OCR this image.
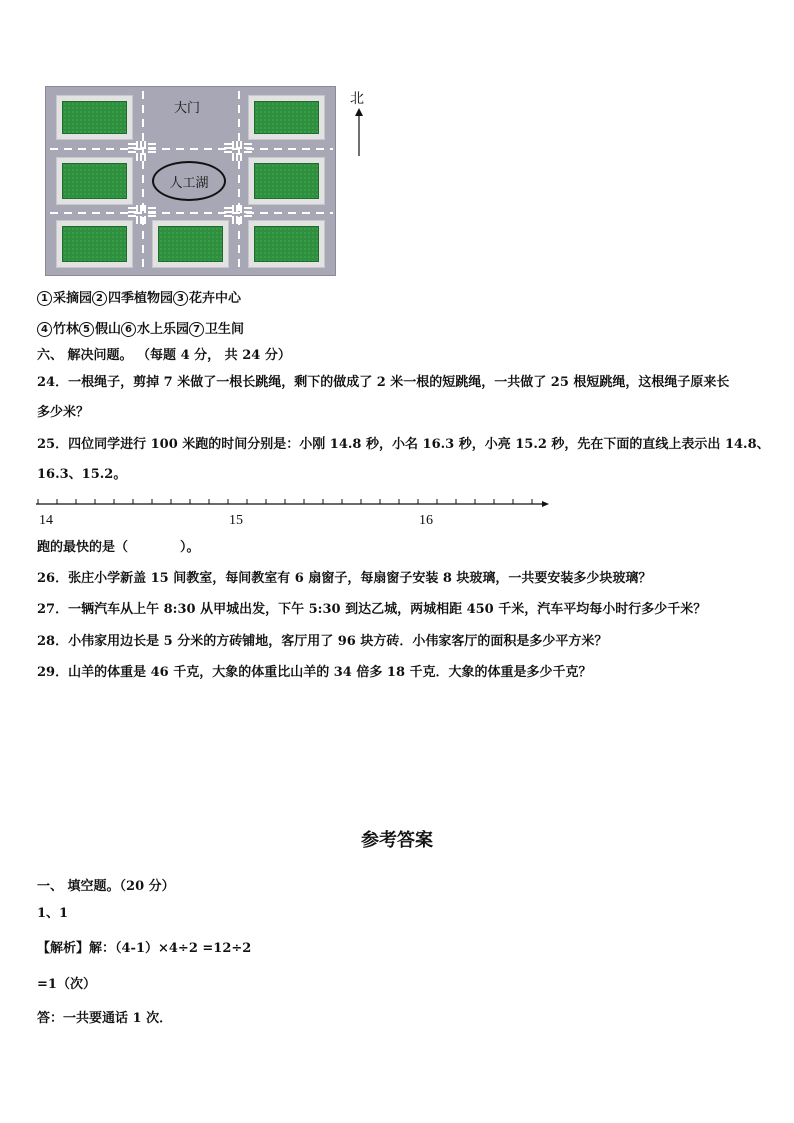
大门
人工湖
北
1 采摘园 2 四季植物园 3 花卉中心
4 竹林 5 假山 6 水上乐园 7 卫生间
六、 解决问题。 （每题 4 分， 共 24 分）
24．一根绳子，剪掉 7 米做了一根长跳绳，剩下的做成了 2 米一根的短跳绳，一共做了 25 根短跳绳，这根绳子原来长
多少米？
25．四位同学进行 100 米跑的时间分别是：小刚 14.8 秒，小名 16.3 秒，小亮 15.2 秒，先在下面的直线上表示出 14.8、
16.3、15.2。
14	15	16
跑的最快的是（　　　　）。
26．张庄小学新盖 15 间教室，每间教室有 6 扇窗子，每扇窗子安装 8 块玻璃，一共要安装多少块玻璃？
27．一辆汽车从上午 8:30 从甲城出发，下午 5:30 到达乙城，两城相距 450 千米，汽车平均每小时行多少千米？
28．小伟家用边长是 5 分米的方砖铺地，客厅用了 96 块方砖．小伟家客厅的面积是多少平方米？
29．山羊的体重是 46 千克，大象的体重比山羊的 34 倍多 18 千克．大象的体重是多少千克？
参考答案
一、 填空题。（20 分）
1、1
【解析】解：（4-1）×4÷2 =12÷2
=1（次）
答：一共要通话 1 次．
